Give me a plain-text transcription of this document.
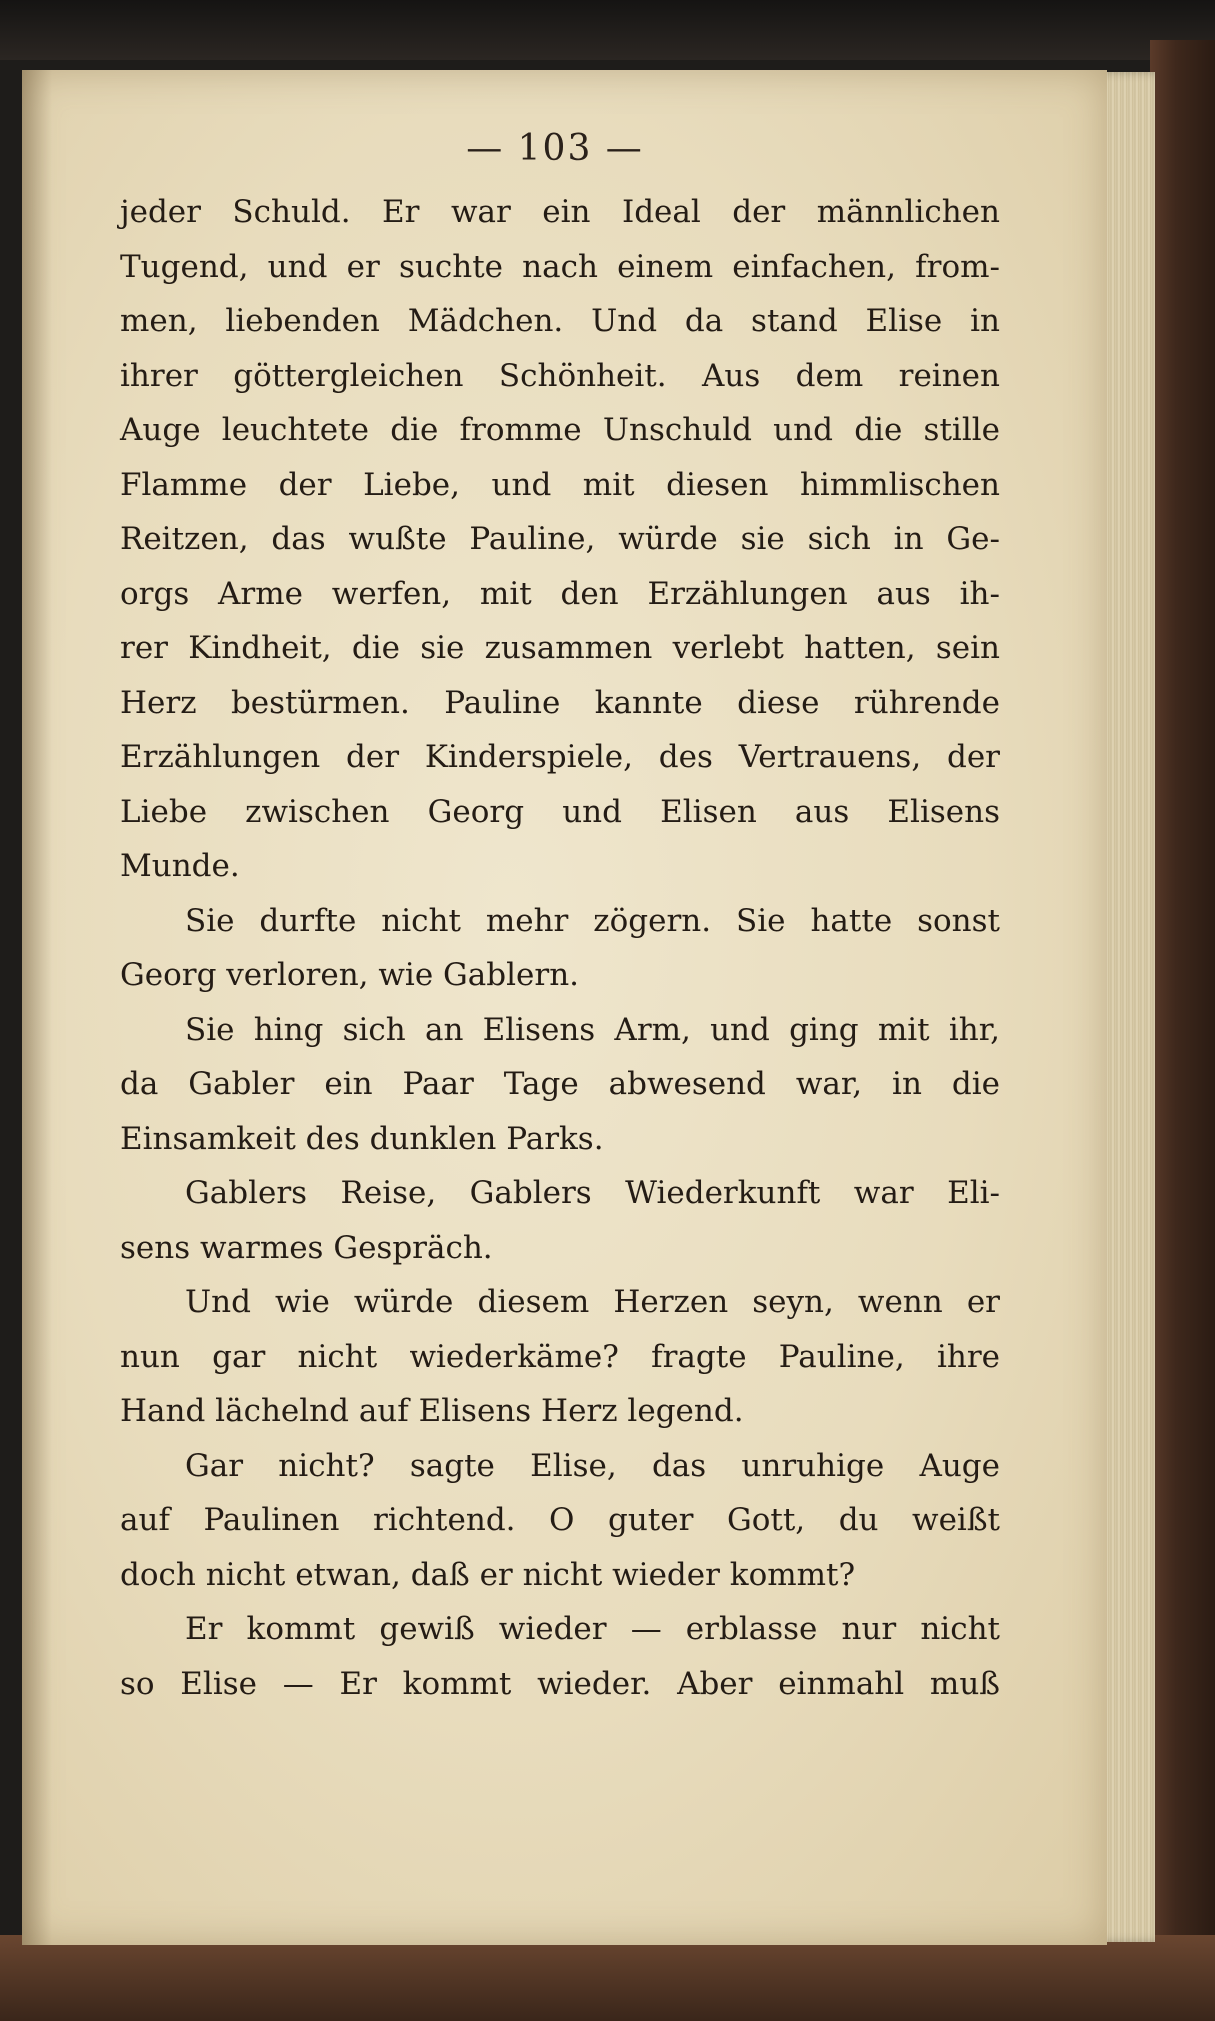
— 103 —
jeder Schuld. Er war ein Ideal der männlichen
Tugend, und er suchte nach einem einfachen, from-
men, liebenden Mädchen. Und da stand Elise in
ihrer göttergleichen Schönheit. Aus dem reinen
Auge leuchtete die fromme Unschuld und die stille
Flamme der Liebe, und mit diesen himmlischen
Reitzen, das wußte Pauline, würde sie sich in Ge-
orgs Arme werfen, mit den Erzählungen aus ih-
rer Kindheit, die sie zusammen verlebt hatten, sein
Herz bestürmen. Pauline kannte diese rührende
Erzählungen der Kinderspiele, des Vertrauens, der
Liebe zwischen Georg und Elisen aus Elisens
Munde.
Sie durfte nicht mehr zögern. Sie hatte sonst
Georg verloren, wie Gablern.
Sie hing sich an Elisens Arm, und ging mit ihr,
da Gabler ein Paar Tage abwesend war, in die
Einsamkeit des dunklen Parks.
Gablers Reise, Gablers Wiederkunft war Eli-
sens warmes Gespräch.
Und wie würde diesem Herzen seyn, wenn er
nun gar nicht wiederkäme? fragte Pauline, ihre
Hand lächelnd auf Elisens Herz legend.
Gar nicht? sagte Elise, das unruhige Auge
auf Paulinen richtend. O guter Gott, du weißt
doch nicht etwan, daß er nicht wieder kommt?
Er kommt gewiß wieder — erblasse nur nicht
so Elise — Er kommt wieder. Aber einmahl muß
